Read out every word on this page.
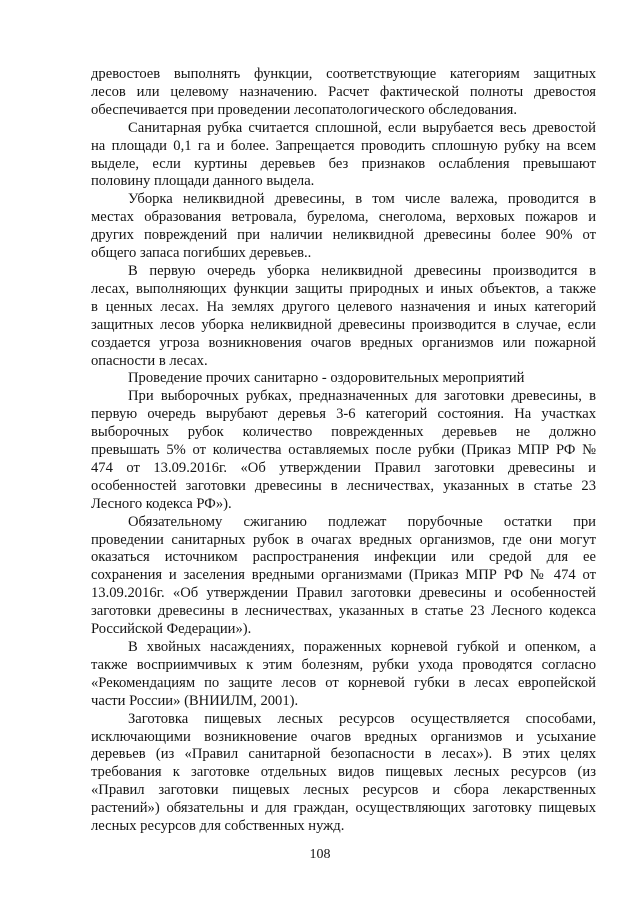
древостоев выполнять функции, соответствующие категориям защитных
лесов или целевому назначению. Расчет фактической полноты древостоя
обеспечивается при проведении лесопатологического обследования.

Санитарная рубка считается сплошной, если вырубается весь древостой
на площади 0,1 га и более. Запрещается проводить сплошную рубку на всем
выделе, если куртины деревьев без признаков ослабления превышают
половину площади данного выдела.

Уборка неликвидной древесины, в том числе валежа, проводится в
местах образования ветровала, бурелома, снеголома, верховых пожаров и
других повреждений при наличии неликвидной древесины более 90% от
общего запаса погибших деревьев..

В первую очередь уборка неликвидной древесины производится в
лесах, выполняющих функции защиты природных и иных объектов, а также
в ценных лесах. На землях другого целевого назначения и иных категорий
защитных лесов уборка неликвидной древесины производится в случае, если
создается угроза возникновения очагов вредных организмов или пожарной
опасности в лесах.

Проведение прочих санитарно - оздоровительных мероприятий

При выборочных рубках, предназначенных для заготовки древесины, в
первую очередь вырубают деревья 3-6 категорий состояния. На участках
выборочных рубок количество поврежденных деревьев не должно
превышать 5% от количества оставляемых после рубки (Приказ МПР РФ №
474 от 13.09.2016г. «Об утверждении Правил заготовки древесины и
особенностей заготовки древесины в лесничествах, указанных в статье 23
Лесного кодекса РФ»).

Обязательному сжиганию подлежат порубочные остатки при
проведении санитарных рубок в очагах вредных организмов, где они могут
оказаться источником распространения инфекции или средой для ее
сохранения и заселения вредными организмами (Приказ МПР РФ № 474 от
13.09.2016г. «Об утверждении Правил заготовки древесины и особенностей
заготовки древесины в лесничествах, указанных в статье 23 Лесного кодекса
Российской Федерации»).

В хвойных насаждениях, пораженных корневой губкой и опенком, а
также восприимчивых к этим болезням, рубки ухода проводятся согласно
«Рекомендациям по защите лесов от корневой губки в лесах европейской
части России» (ВНИИЛМ, 2001).

Заготовка пищевых лесных ресурсов осуществляется способами,
исключающими возникновение очагов вредных организмов и усыхание
деревьев (из «Правил санитарной безопасности в лесах»). В этих целях
требования к заготовке отдельных видов пищевых лесных ресурсов (из
«Правил заготовки пищевых лесных ресурсов и сбора лекарственных
растений») обязательны и для граждан, осуществляющих заготовку пищевых
лесных ресурсов для собственных нужд.

108
